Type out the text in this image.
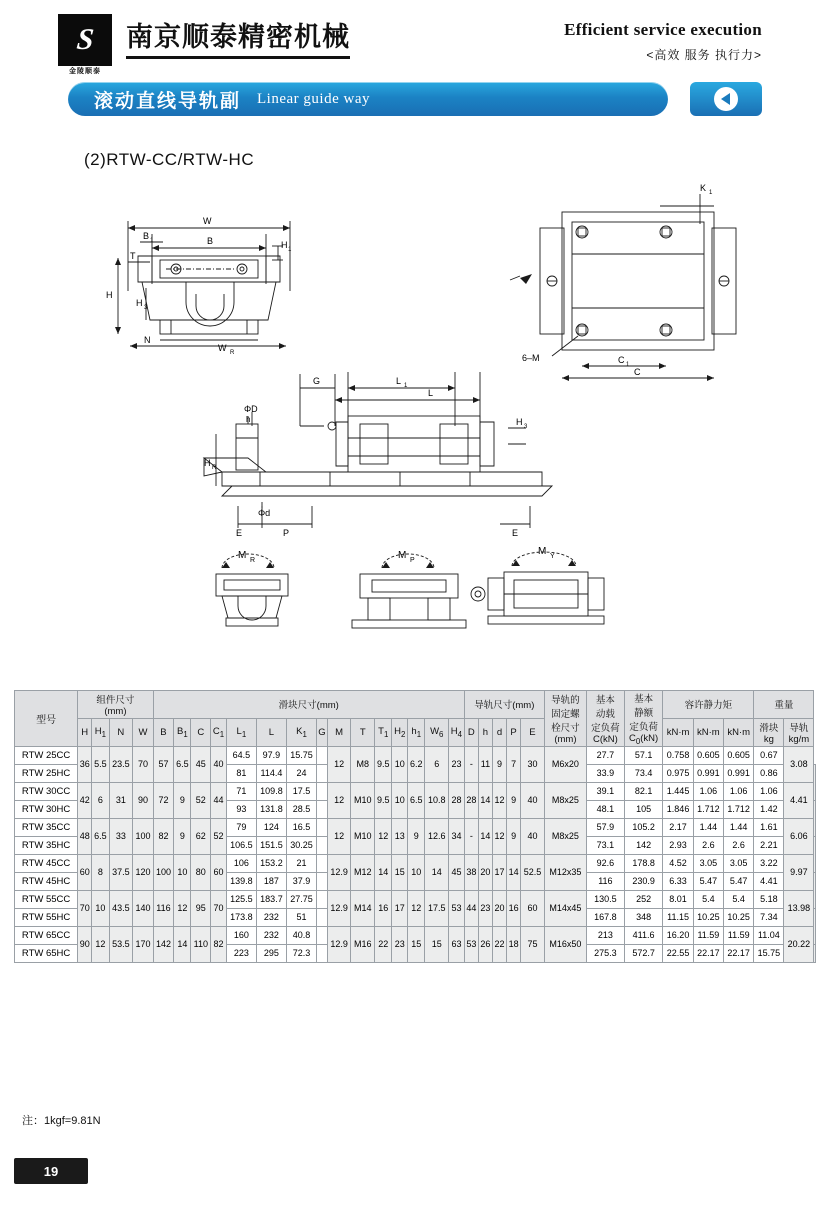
S
金陵顺泰
南京顺泰精密机械	Efficient service execution
<高效 服务 执行力>
滚动直线导轨副 Linear guide way
(2)RTW-CC/RTW-HC
W
B
B 1	H 1
T
H
H 3
N
W R
K 1
6–M	C 1
C
G	L 1
L
ΦD
Φd
H R
h	H 3
E	P	E
M R	M P
M Y
型号	组件尺寸
(mm)				滑块尺寸(mm)															导轨尺寸(mm)					导轨的
固定螺
栓尺寸
(mm)	基本
动载
定负荷
C(kN)	基本
静额
定负荷
$C_0(kN)$	容许静力矩			重量		
	H	$H_1$	N	W	B	$B_1$	C	$C_1$	$L_1$	L	$K_1$	G	M	T	$T_1$	$H_2$	$h_1$	$W_6$	$H_4$	D	h	d	P	E				kN·m	kN·m	kN·m	滑块
kg	导轨
kg/m	
RTW 25CC	36	5.5	23.5	70	57	6.5	45	40	64.5	97.9	15.75		12	M8	9.5	10	6.2	6	23	-	11	9	7	30	M6x20	27.7	57.1	0.758	0.605	0.605	0.67	3.08	
RTW 25HC									81	114.4	24															33.9	73.4	0.975	0.991	0.991	0.86		
RTW 30CC	42	6	31	90	72	9	52	44	71	109.8	17.5		12	M10	9.5	10	6.5	10.8	28	28	14	12	9	40	M8x25	39.1	82.1	1.445	1.06	1.06	1.06	4.41	
RTW 30HC									93	131.8	28.5															48.1	105	1.846	1.712	1.712	1.42		
RTW 35CC	48	6.5	33	100	82	9	62	52	79	124	16.5		12	M10	12	13	9	12.6	34	-	14	12	9	40	M8x25	57.9	105.2	2.17	1.44	1.44	1.61	6.06	
RTW 35HC									106.5	151.5	30.25															73.1	142	2.93	2.6	2.6	2.21		
RTW 45CC	60	8	37.5	120	100	10	80	60	106	153.2	21		12.9	M12	14	15	10	14	45	38	20	17	14	52.5	M12x35	92.6	178.8	4.52	3.05	3.05	3.22	9.97	
RTW 45HC									139.8	187	37.9															116	230.9	6.33	5.47	5.47	4.41		
RTW 55CC	70	10	43.5	140	116	12	95	70	125.5	183.7	27.75		12.9	M14	16	17	12	17.5	53	44	23	20	16	60	M14x45	130.5	252	8.01	5.4	5.4	5.18	13.98	
RTW 55HC									173.8	232	51															167.8	348	11.15	10.25	10.25	7.34		
RTW 65CC	90	12	53.5	170	142	14	110	82	160	232	40.8		12.9	M16	22	23	15	15	63	53	26	22	18	75	M16x50	213	411.6	16.20	11.59	11.59	11.04	20.22	
RTW 65HC									223	295	72.3															275.3	572.7	22.55	22.17	22.17	15.75		
注：1kgf=9.81N
19
